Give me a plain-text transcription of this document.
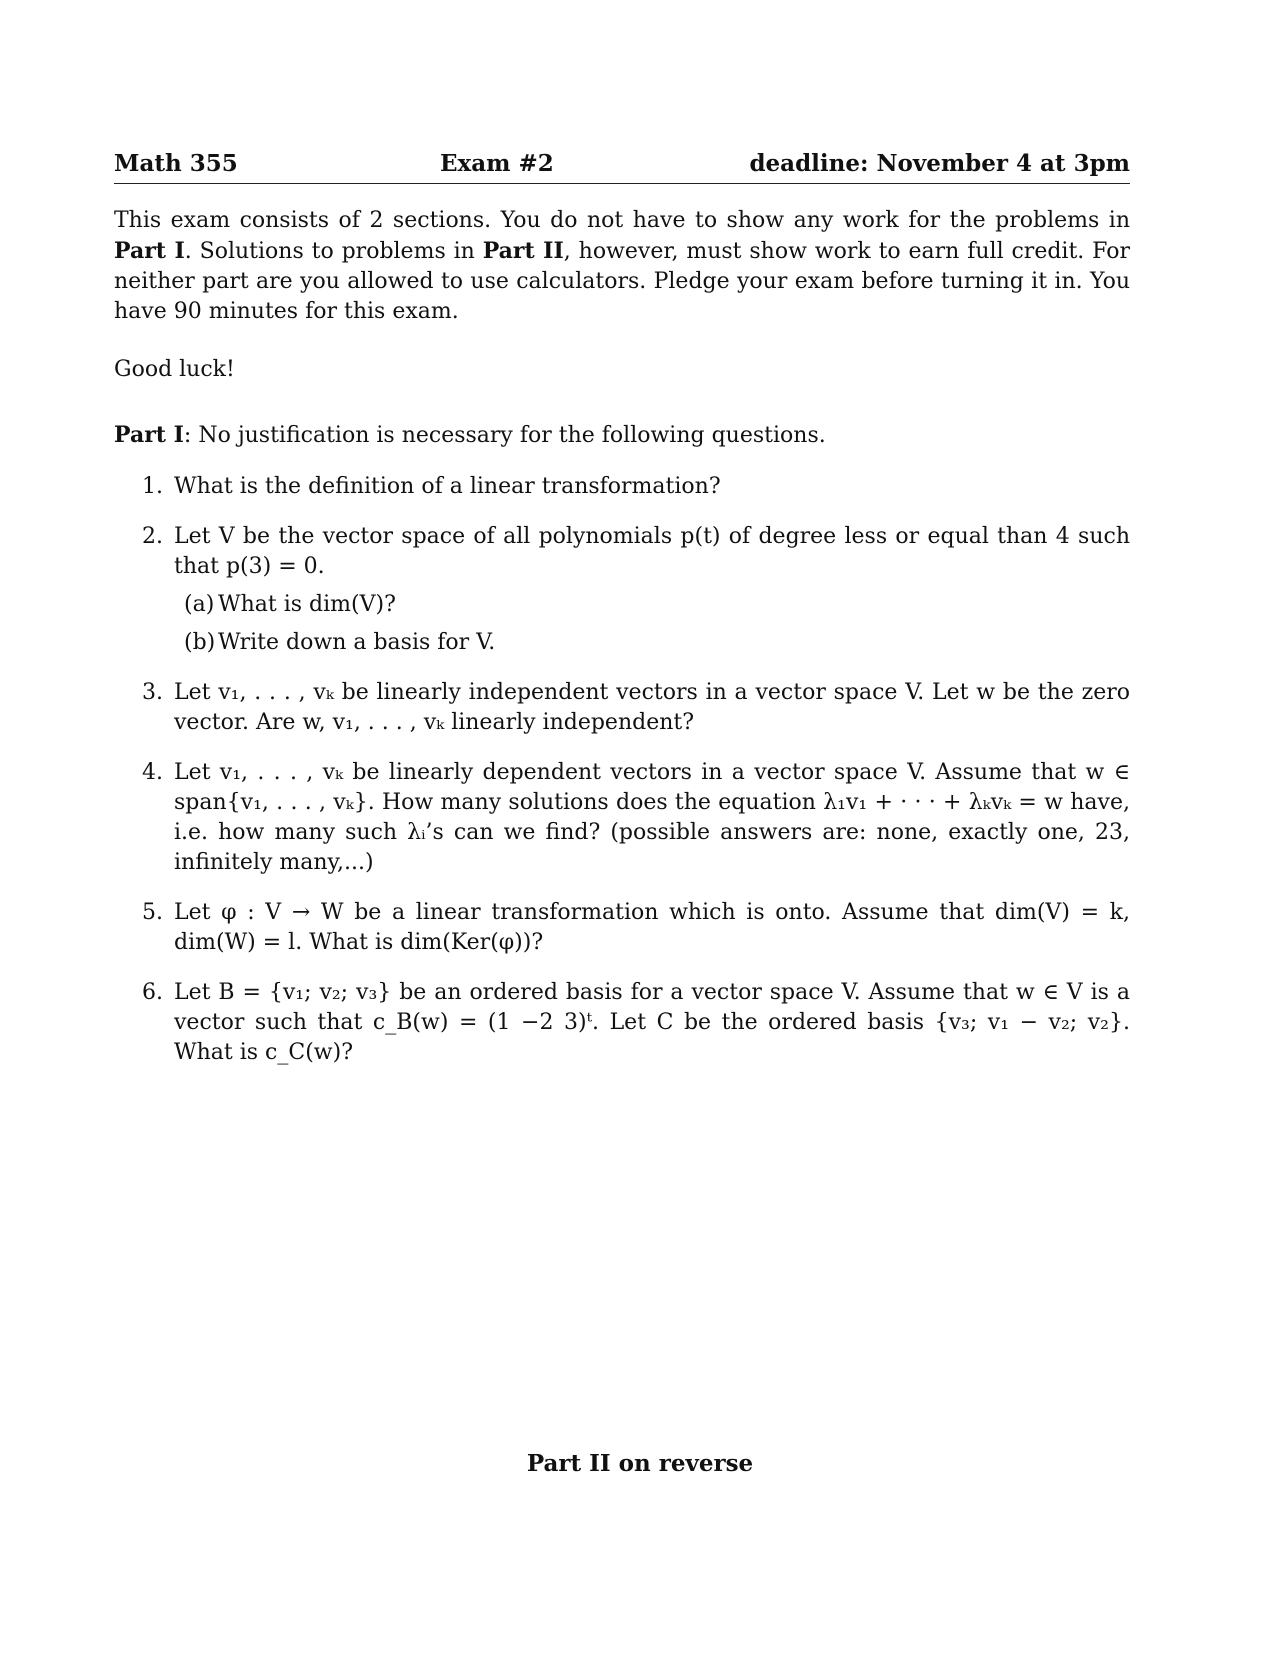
Math 355	Exam #2	deadline: November 4 at 3pm
This exam consists of 2 sections. You do not have to show any work for the problems in Part I. Solutions to problems in Part II, however, must show work to earn full credit. For neither part are you allowed to use calculators. Pledge your exam before turning it in. You have 90 minutes for this exam.
Good luck!
Part I: No justification is necessary for the following questions.
1. What is the definition of a linear transformation?
2. Let V be the vector space of all polynomials p(t) of degree less or equal than 4 such that p(3) = 0.
(a) What is dim(V)?
(b) Write down a basis for V.
3. Let v₁, . . . , vₖ be linearly independent vectors in a vector space V. Let w be the zero vector. Are w, v₁, . . . , vₖ linearly independent?
4. Let v₁, . . . , vₖ be linearly dependent vectors in a vector space V. Assume that w ∈ span{v₁, . . . , vₖ}. How many solutions does the equation λ₁v₁ + · · · + λₖvₖ = w have, i.e. how many such λᵢ’s can we find? (possible answers are: none, exactly one, 23, infinitely many,...)
5. Let φ : V → W be a linear transformation which is onto. Assume that dim(V) = k, dim(W) = l. What is dim(Ker(φ))?
6. Let B = {v₁; v₂; v₃} be an ordered basis for a vector space V. Assume that w ∈ V is a vector such that c_B(w) = (1 −2 3)ᵗ. Let C be the ordered basis {v₃; v₁ − v₂; v₂}. What is c_C(w)?
Part II on reverse
